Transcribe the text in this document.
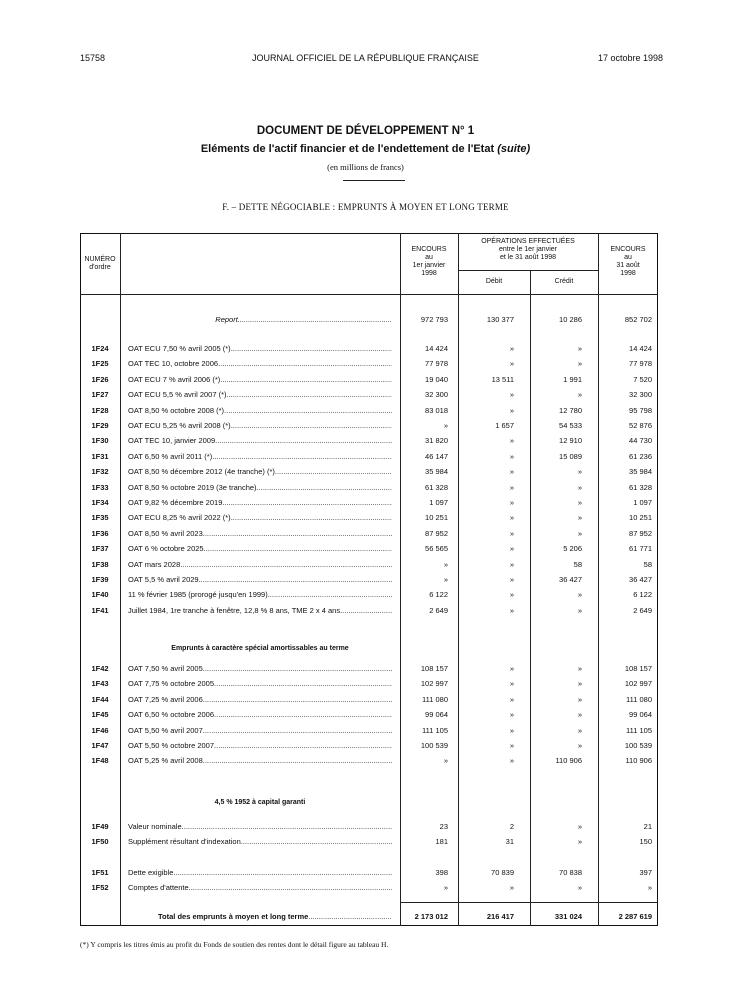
15758	JOURNAL OFFICIEL DE LA RÉPUBLIQUE FRANÇAISE	17 octobre 1998
DOCUMENT DE DÉVELOPPEMENT N° 1
Eléments de l'actif financier et de l'endettement de l'Etat (suite)
(en millions de francs)
F. – DETTE NÉGOCIABLE : EMPRUNTS À MOYEN ET LONG TERME
NUMÉRO
d'ordre
ENCOURS
au
1er janvier
1998
OPÉRATIONS EFFECTUÉES
entre le 1er janvier
et le 31 août 1998
Débit	Crédit
ENCOURS
au
31 août
1998
Report..........................................................................	972 793	130 377	10 286	852 702
1F24	OAT ECU 7,50 % avril 2005 (*) .....	14 424	»	»	14 424
1F25	OAT TEC 10, octobre 2006 .....	77 978	»	»	77 978
1F26	OAT ECU 7 % avril 2006 (*) .....	19 040	13 511	1 991	7 520
1F27	OAT ECU 5,5 % avril 2007 (*) .....	32 300	»	»	32 300
1F28	OAT 8,50 % octobre 2008 (*) .....	83 018	»	12 780	95 798
1F29	OAT ECU 5,25 % avril 2008 (*) .....	»	1 657	54 533	52 876
1F30	OAT TEC 10, janvier 2009 .....	31 820	»	12 910	44 730
1F31	OAT 6,50 % avril 2011 (*) .....	46 147	»	15 089	61 236
1F32	OAT 8,50 % décembre 2012 (4e tranche) (*) .....	35 984	»	»	35 984
1F33	OAT 8,50 % octobre 2019 (3e tranche) .....	61 328	»	»	61 328
1F34	OAT 9,82 % décembre 2019 .....	1 097	»	»	1 097
1F35	OAT ECU 8,25 % avril 2022 (*) .....	10 251	»	»	10 251
1F36	OAT 8,50 % avril 2023 .....	87 952	»	»	87 952
1F37	OAT 6 % octobre 2025 .....	56 565	»	5 206	61 771
1F38	OAT mars 2028 .....	»	»	58	58
1F39	OAT 5,5 % avril 2029 .....	»	»	36 427	36 427
1F40	11 % février 1985 (prorogé jusqu'en 1999) .....	6 122	»	»	6 122
1F41	Juillet 1984, 1re tranche à fenêtre, 12,8 % 8 ans, TME 2 x 4 ans .....	2 649	»	»	2 649
1F42	OAT 7,50 % avril 2005 .....	108 157	»	»	108 157
1F43	OAT 7,75 % octobre 2005 .....	102 997	»	»	102 997
1F44	OAT 7,25 % avril 2006 .....	111 080	»	»	111 080
1F45	OAT 6,50 % octobre 2006 .....	99 064	»	»	99 064
1F46	OAT 5,50 % avril 2007 .....	111 105	»	»	111 105
1F47	OAT 5,50 % octobre 2007 .....	100 539	»	»	100 539
1F48	OAT 5,25 % avril 2008 .....	»	»	110 906	110 906
1F49	Valeur nominale .....	23	2	»	21
1F50	Supplément résultant d'indexation .....	181	31	»	150
1F51	Dette exigible .....	398	70 839	70 838	397
1F52	Comptes d'attente .....	»	»	»	»
Emprunts à caractère spécial amortissables au terme
4,5 % 1952 à capital garanti
Total des emprunts à moyen et long terme .....	2 173 012	216 417	331 024	2 287 619
(*) Y compris les titres émis au profit du Fonds de soutien des rentes dont le détail figure au tableau H.
